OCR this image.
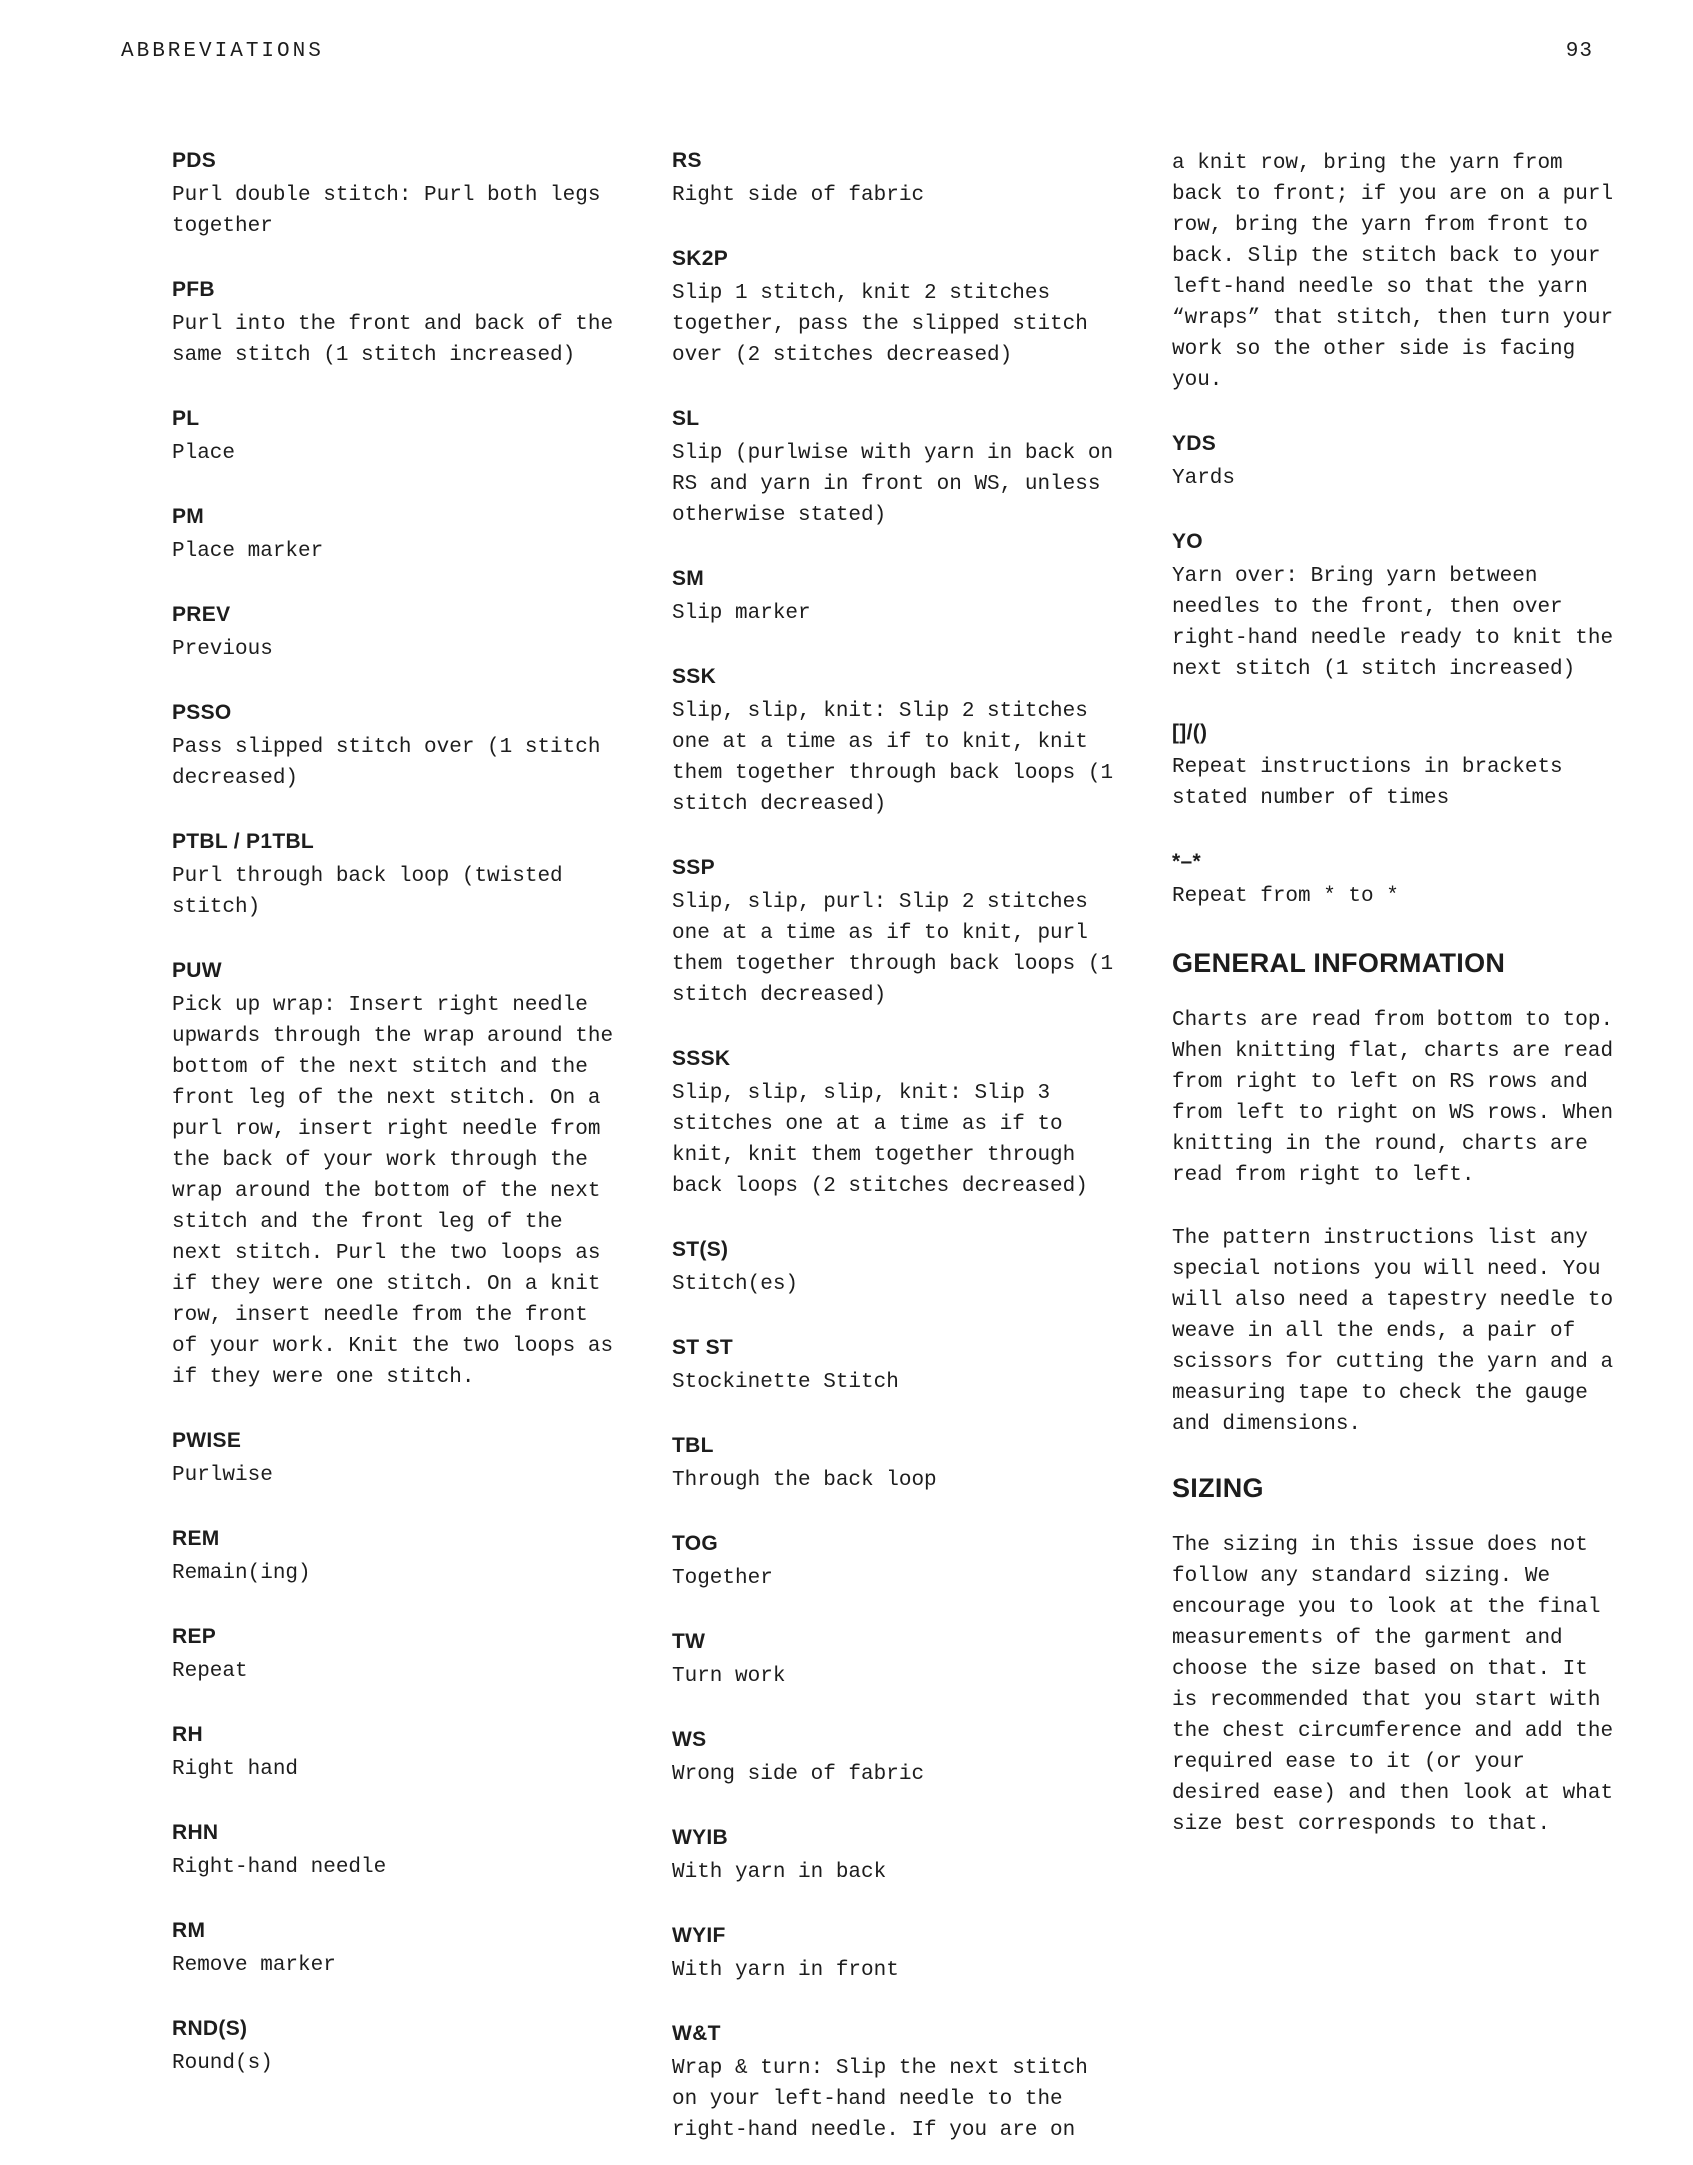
ABBREVIATIONS	93
PDS
Purl double stitch: Purl both legs together
PFB
Purl into the front and back of the same stitch (1 stitch increased)
PL
Place
PM
Place marker
PREV
Previous
PSSO
Pass slipped stitch over (1 stitch decreased)
PTBL / P1TBL
Purl through back loop (twisted stitch)
PUW
Pick up wrap: Insert right needle upwards through the wrap around the bottom of the next stitch and the front leg of the next stitch. On a purl row, insert right needle from the back of your work through the wrap around the bottom of the next stitch and the front leg of the next stitch. Purl the two loops as if they were one stitch. On a knit row, insert needle from the front of your work. Knit the two loops as if they were one stitch.
PWISE
Purlwise
REM
Remain(ing)
REP
Repeat
RH
Right hand
RHN
Right-hand needle
RM
Remove marker
RND(S)
Round(s)
RS
Right side of fabric
SK2P
Slip 1 stitch, knit 2 stitches together, pass the slipped stitch over (2 stitches decreased)
SL
Slip (purlwise with yarn in back on RS and yarn in front on WS, unless otherwise stated)
SM
Slip marker
SSK
Slip, slip, knit: Slip 2 stitches one at a time as if to knit, knit them together through back loops (1 stitch decreased)
SSP
Slip, slip, purl: Slip 2 stitches one at a time as if to knit, purl them together through back loops (1 stitch decreased)
SSSK
Slip, slip, slip, knit: Slip 3 stitches one at a time as if to knit, knit them together through back loops (2 stitches decreased)
ST(S)
Stitch(es)
ST ST
Stockinette Stitch
TBL
Through the back loop
TOG
Together
TW
Turn work
WS
Wrong side of fabric
WYIB
With yarn in back
WYIF
With yarn in front
W&T
Wrap & turn: Slip the next stitch on your left-hand needle to the right-hand needle. If you are on
a knit row, bring the yarn from back to front; if you are on a purl row, bring the yarn from front to back. Slip the stitch back to your left-hand needle so that the yarn “wraps” that stitch, then turn your work so the other side is facing you.
YDS
Yards
YO
Yarn over: Bring yarn between needles to the front, then over right-hand needle ready to knit the next stitch (1 stitch increased)
[]/()
Repeat instructions in brackets stated number of times
*–*
Repeat from * to *
GENERAL INFORMATION
Charts are read from bottom to top. When knitting flat, charts are read from right to left on RS rows and from left to right on WS rows. When knitting in the round, charts are read from right to left.
The pattern instructions list any special notions you will need. You will also need a tapestry needle to weave in all the ends, a pair of scissors for cutting the yarn and a measuring tape to check the gauge and dimensions.
SIZING
The sizing in this issue does not follow any standard sizing. We encourage you to look at the final measurements of the garment and choose the size based on that. It is recommended that you start with the chest circumference and add the required ease to it (or your desired ease) and then look at what size best corresponds to that.
